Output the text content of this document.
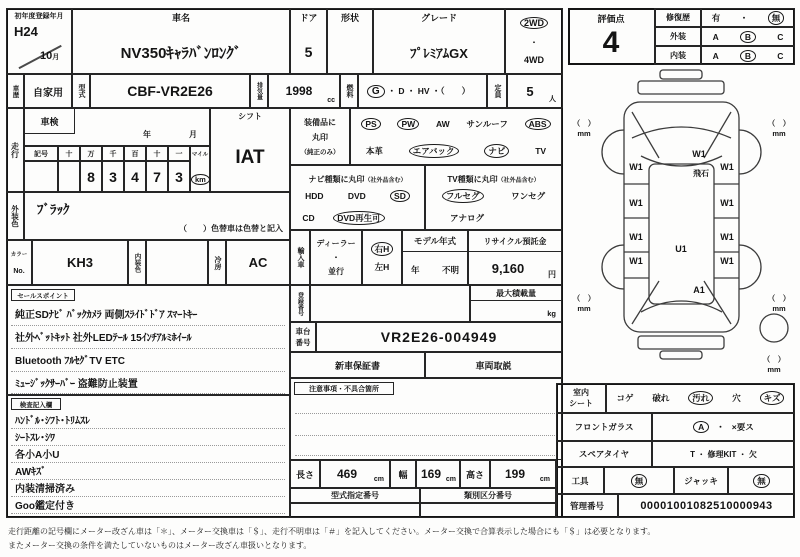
初年度登録年月
H24
10月
車名
NV350ｷｬﾗﾊﾞﾝﾛﾝｸﾞ
ドア
5
形状	グレード
ﾌﾟﾚﾐｱﾑGX
2WD
・
4WD
車歴	自家用	型式	CBF-VR2E26	排気量	1998
cc
燃料	G ・ D ・ HV ・（　　）	定員	5
人
走行
車検
年	月
記号	十	万	千	百	十	一
8	3	4	7	3
マイル
km
シフト
IAT
装備品に
丸印
（純正のみ）
PS	PW	AW サンルーフ	ABS
本革	エアバック	ナビ	TV
ナビ種類に丸印（社外品含む）
HDD	DVD	SD
CD	DVD再生可
TV種類に丸印（社外品含む）
フルセグ	ワンセグ
アナログ
外装色	ﾌﾞﾗｯｸ
（　　）色替車は色替と記入
カラー
No.
KH3	内装色	冷房	AC	輸入車
ディーラー
・
並行
右H
左H
モデル年式
年	不明
リサイクル預託金
9,160	円
登録番号	最大積載量
kg
車台
番号	VR2E26-004949
新車保証書	車両取説
注意事項・不具合箇所
長さ	469	cm	幅	169 cm	高さ	199	cm
型式指定番号	類別区分番号
セールスポイント
純正SDﾅﾋﾞ ﾊﾞｯｸｶﾒﾗ 両側ｽﾗｲﾄﾞﾄﾞｱ ｽﾏｰﾄｷｰ
社外ﾍﾞｯﾄｷｯﾄ 社外LEDﾃｰﾙ 15ｲﾝﾁｱﾙﾐﾎｲｰﾙ
Bluetooth ﾌﾙｾｸﾞTV ETC
ﾐｭｰｼﾞｯｸｻｰﾊﾞｰ 盗難防止装置
検査記入欄
ﾊﾝﾄﾞﾙ･ｼﾌﾄ･ﾄﾘﾑｽﾚ
ｼｰﾄｽﾚ･ｼﾜ
各小A小U
AWｷｽﾞ
内装清掃済み
Goo鑑定付き
評価点
4
修復歴	有 ・	無
外装	A	B	C
内装	A	B	C
W1
飛石
W1	W1
W1	W1
W1	W1
W1	W1
U1
A1
（　）
mm
（　）
mm
（　）
mm
（　）
mm
（　）
mm
室内
シート
コゲ 破れ	汚れ	穴	キズ
フロントガラス	A	・ ×要ス
スペアタイヤ	T ・ 修理KIT ・ 欠
工具	無	ジャッキ	無
管理番号	00001001082510000943
走行距離の記号欄にメーター改ざん車は「＊」、メーター交換車は「＄」、走行不明車は「＃」を記入してください。メーター交換で合算表示した場合にも「＄」は必要となります。
またメーター交換の条件を満たしていないものはメーター改ざん車扱いとなります。
